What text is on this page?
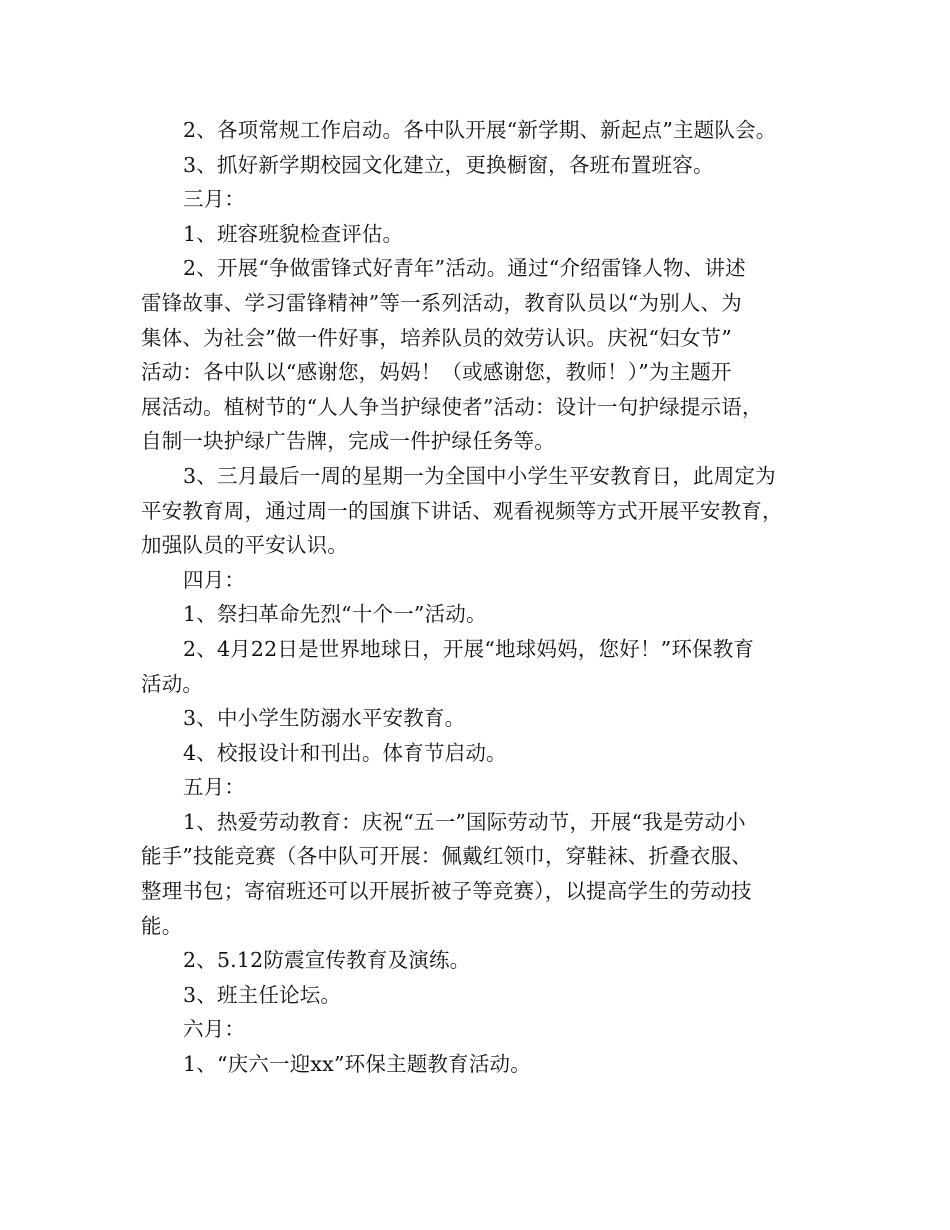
2、各项常规工作启动。各中队开展“新学期、新起点”主题队会。
3、抓好新学期校园文化建立，更换橱窗，各班布置班容。
三月：
1、班容班貌检查评估。
2、开展“争做雷锋式好青年”活动。通过“介绍雷锋人物、讲述
雷锋故事、学习雷锋精神”等一系列活动，教育队员以“为别人、为
集体、为社会”做一件好事，培养队员的效劳认识。庆祝“妇女节”
活动：各中队以“感谢您，妈妈！（或感谢您，教师！）”为主题开
展活动。植树节的“人人争当护绿使者”活动：设计一句护绿提示语，
自制一块护绿广告牌，完成一件护绿任务等。
3、三月最后一周的星期一为全国中小学生平安教育日，此周定为
平安教育周，通过周一的国旗下讲话、观看视频等方式开展平安教育，
加强队员的平安认识。
四月：
1、祭扫革命先烈“十个一”活动。
2、4月22日是世界地球日，开展“地球妈妈，您好！”环保教育
活动。
3、中小学生防溺水平安教育。
4、校报设计和刊出。体育节启动。
五月：
1、热爱劳动教育：庆祝“五一”国际劳动节，开展“我是劳动小
能手”技能竞赛（各中队可开展：佩戴红领巾，穿鞋袜、折叠衣服、
整理书包；寄宿班还可以开展折被子等竞赛），以提高学生的劳动技
能。
2、5.12防震宣传教育及演练。
3、班主任论坛。
六月：
1、“庆六一迎xx”环保主题教育活动。
